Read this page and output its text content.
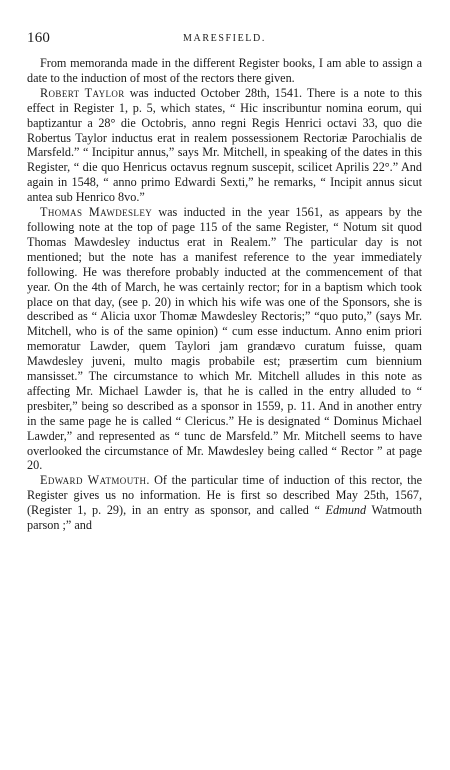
160	MARESFIELD.

From memoranda made in the different Register books, I am able to assign a date to the induction of most of the rectors there given.

Robert Taylor was inducted October 28th, 1541. There is a note to this effect in Register 1, p. 5, which states, “ Hic inscribuntur nomina eorum, qui baptizantur a 28° die Octobris, anno regni Regis Henrici octavi 33, quo die Robertus Taylor inductus erat in realem possessionem Rectoriæ Parochialis de Marsfeld.” “ Incipitur annus,” says Mr. Mitchell, in speaking of the dates in this Register, “ die quo Henricus octavus regnum suscepit, scilicet Aprilis 22°.” And again in 1548, “ anno primo Edwardi Sexti,” he remarks, “ Incipit annus sicut antea sub Henrico 8vo.”

Thomas Mawdesley was inducted in the year 1561, as appears by the following note at the top of page 115 of the same Register, “ Notum sit quod Thomas Mawdesley inductus erat in Realem.” The particular day is not mentioned; but the note has a manifest reference to the year immediately following. He was therefore probably inducted at the commencement of that year. On the 4th of March, he was certainly rector; for in a baptism which took place on that day, (see p. 20) in which his wife was one of the Sponsors, she is described as “ Alicia uxor Thomæ Mawdesley Rectoris;” “quo puto,” (says Mr. Mitchell, who is of the same opinion) “ cum esse inductum. Anno enim priori memoratur Lawder, quem Taylori jam grandævo curatum fuisse, quam Mawdesley juveni, multo magis probabile est; præsertim cum biennium mansisset.” The circumstance to which Mr. Mitchell alludes in this note as affecting Mr. Michael Lawder is, that he is called in the entry alluded to “ presbiter,” being so described as a sponsor in 1559, p. 11. And in another entry in the same page he is called “ Clericus.” He is designated “ Dominus Michael Lawder,” and represented as “ tunc de Marsfeld.” Mr. Mitchell seems to have overlooked the circumstance of Mr. Mawdesley being called “ Rector ” at page 20.

Edward Watmouth. Of the particular time of induction of this rector, the Register gives us no information. He is first so described May 25th, 1567, (Register 1, p. 29), in an entry as sponsor, and called “ Edmund Watmouth parson ;” and
